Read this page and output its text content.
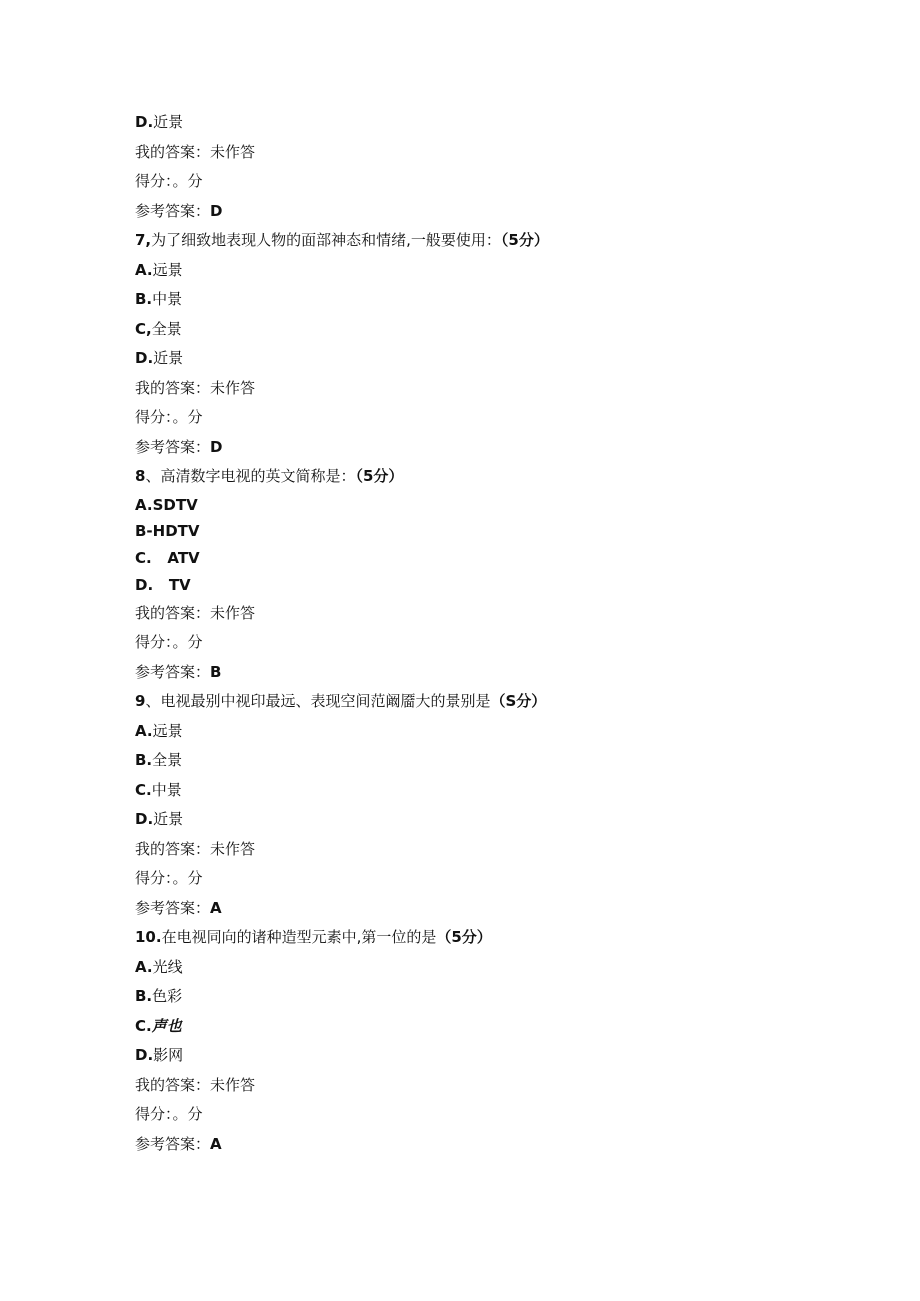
D.近景
我的答案：未作答
得分：。分
参考答案：D
7,为了细致地表现人物的面部神态和情绪,一般要使用：（5分）
A.远景
B.中景
C,全景
D.近景
我的答案：未作答
得分：。分
参考答案：D
8、高清数字电视的英文简称是：（5分）
A.SDTV
B-HDTV
C.   ATV
D.   TV
我的答案：未作答
得分：。分
参考答案：B
9、电视最别中视印最远、表现空间范阚靥大的景别是（S分）
A.远景
B.全景
C.中景
D.近景
我的答案：未作答
得分：。分
参考答案：A
10.在电视同向的诸种造型元素中,第一位的是（5分）
A.光线
B.色彩
C.声也
D.影网
我的答案：未作答
得分：。分
参考答案：A
